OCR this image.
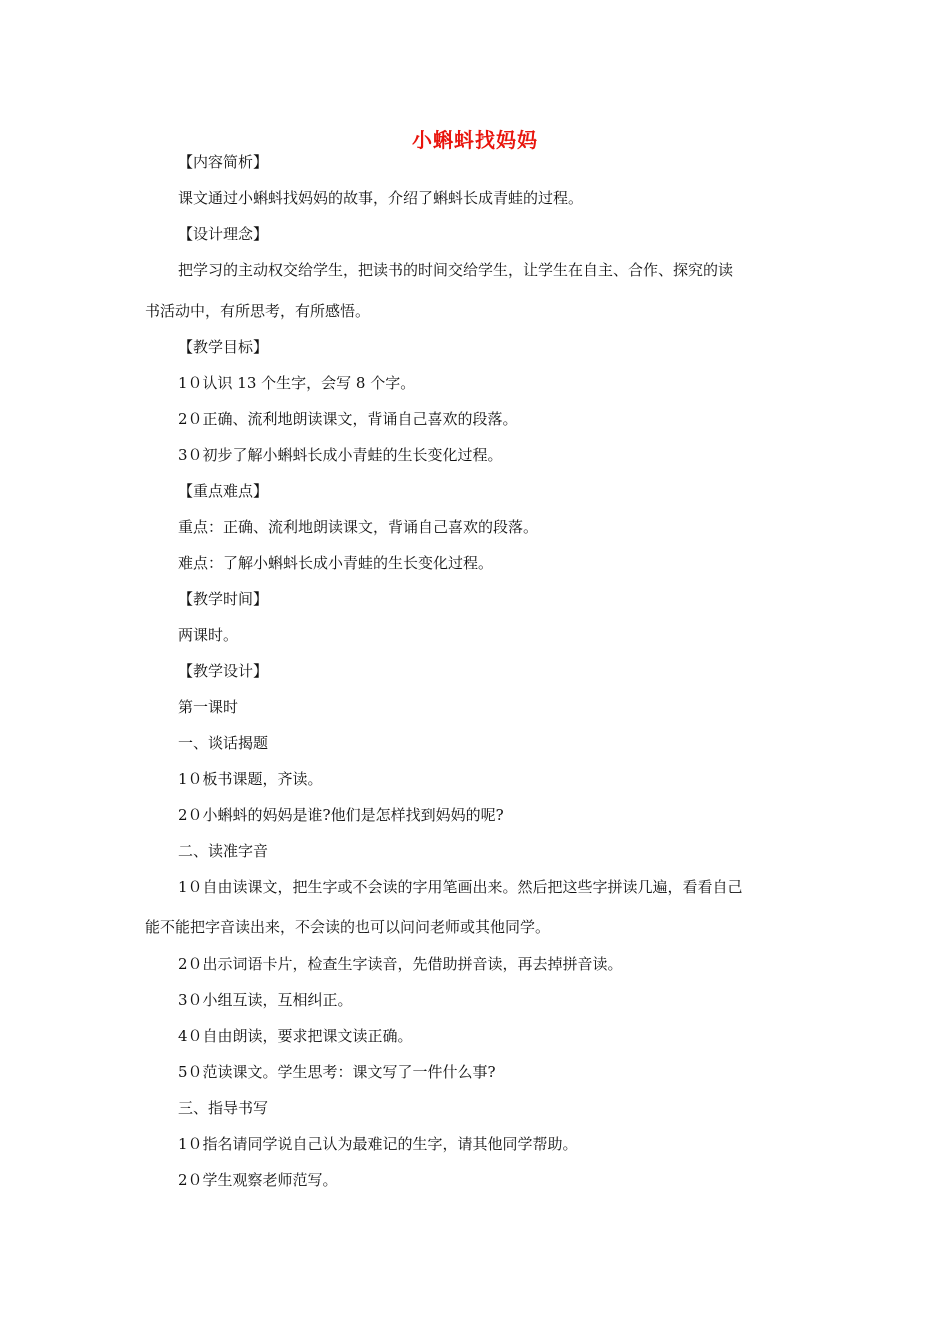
小蝌蚪找妈妈
【内容简析】
课文通过小蝌蚪找妈妈的故事，介绍了蝌蚪长成青蛙的过程。
【设计理念】
把学习的主动权交给学生，把读书的时间交给学生，让学生在自主、合作、探究的读
书活动中，有所思考，有所感悟。
【教学目标】
1０认识 13 个生字，会写 8 个字。
2０正确、流利地朗读课文，背诵自己喜欢的段落。
3０初步了解小蝌蚪长成小青蛙的生长变化过程。
【重点难点】
重点：正确、流利地朗读课文，背诵自己喜欢的段落。
难点：了解小蝌蚪长成小青蛙的生长变化过程。
【教学时间】
两课时。
【教学设计】
第一课时
一、谈话揭题
1０板书课题，齐读。
2０小蝌蚪的妈妈是谁?他们是怎样找到妈妈的呢?
二、读准字音
1０自由读课文，把生字或不会读的字用笔画出来。然后把这些字拼读几遍，看看自己
能不能把字音读出来，不会读的也可以问问老师或其他同学。
2０出示词语卡片，检查生字读音，先借助拼音读，再去掉拼音读。
3０小组互读，互相纠正。
4０自由朗读，要求把课文读正确。
5０范读课文。学生思考：课文写了一件什么事?
三、指导书写
1０指名请同学说自己认为最难记的生字，请其他同学帮助。
2０学生观察老师范写。
